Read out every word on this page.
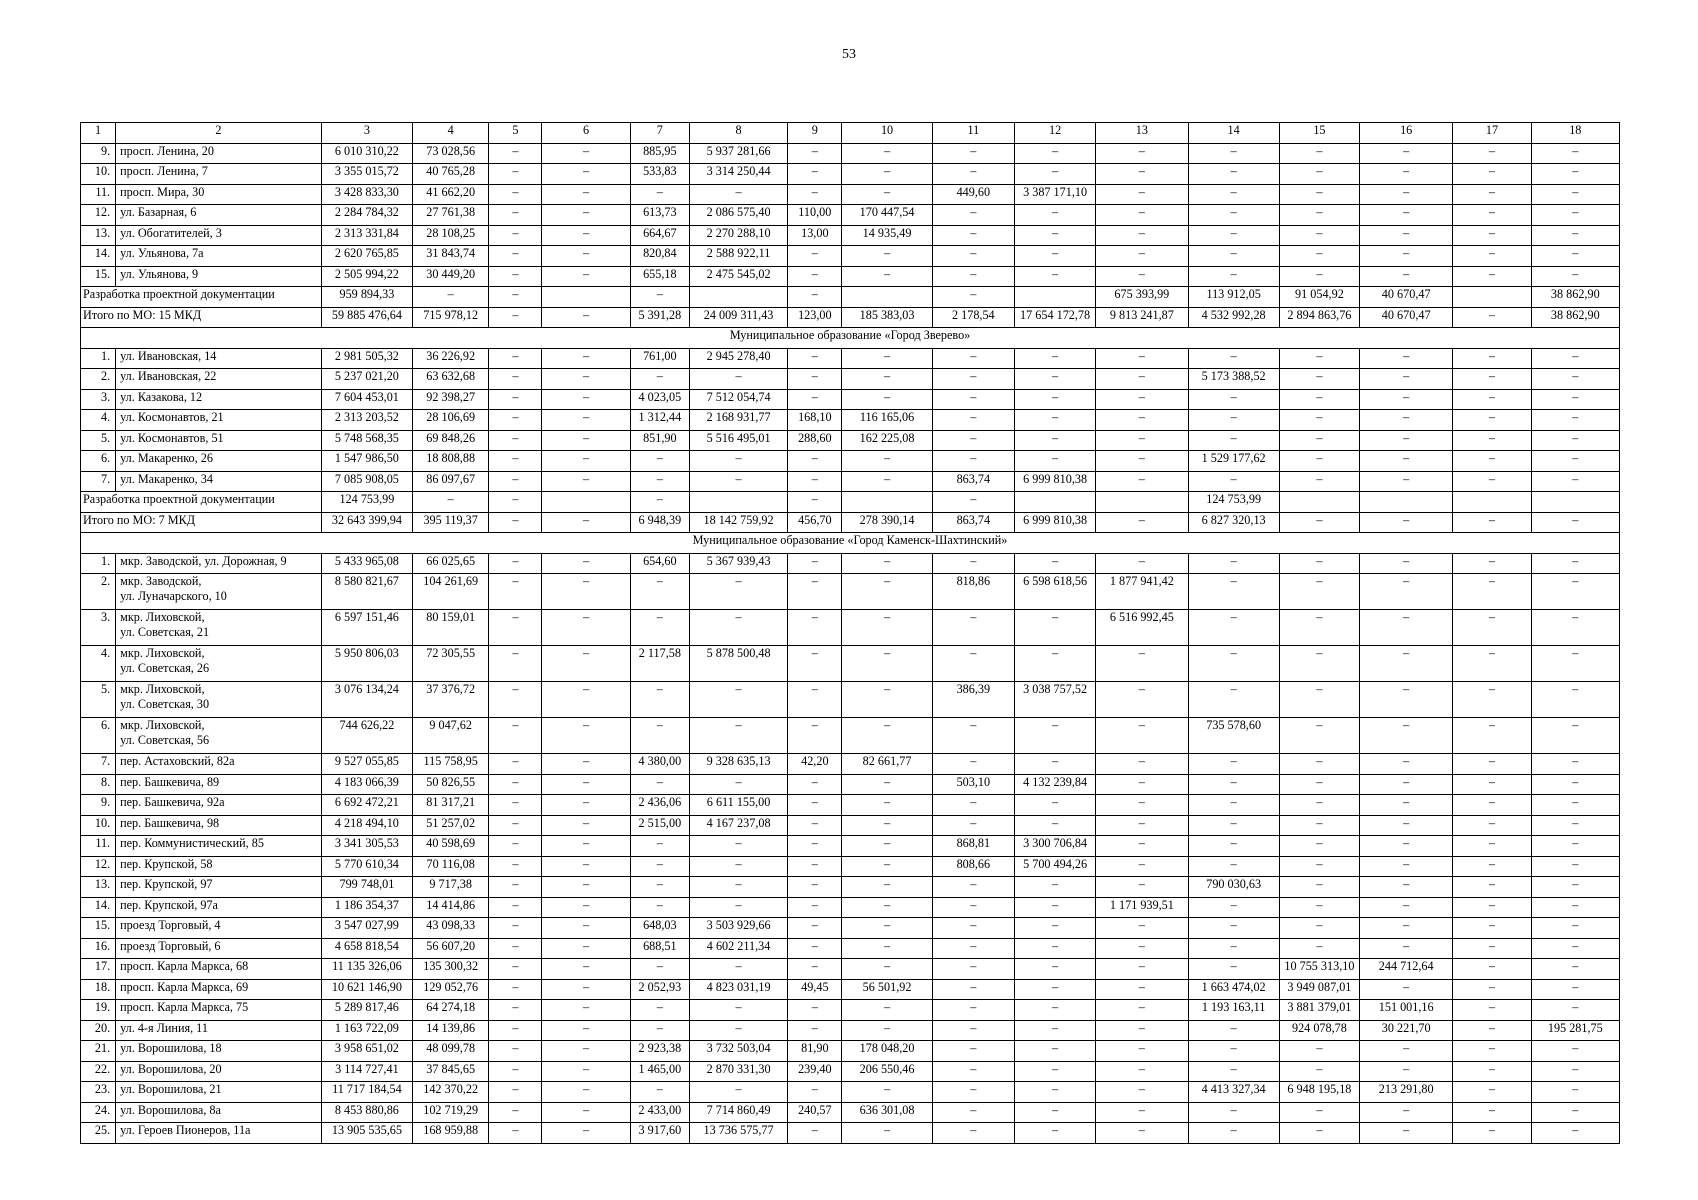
53
1	2	3	4	5	6	7	8	9	10	11	12	13	14	15	16	17	18
9.	просп. Ленина, 20	6 010 310,22	73 028,56	–	–	885,95	5 937 281,66	–	–	–	–	–	–	–	–	–	–
10.	просп. Ленина, 7	3 355 015,72	40 765,28	–	–	533,83	3 314 250,44	–	–	–	–	–	–	–	–	–	–
11.	просп. Мира, 30	3 428 833,30	41 662,20	–	–	–	–	–	–	449,60	3 387 171,10	–	–	–	–	–	–
12.	ул. Базарная, 6	2 284 784,32	27 761,38	–	–	613,73	2 086 575,40	110,00	170 447,54	–	–	–	–	–	–	–	–
13.	ул. Обогатителей, 3	2 313 331,84	28 108,25	–	–	664,67	2 270 288,10	13,00	14 935,49	–	–	–	–	–	–	–	–
14.	ул. Ульянова, 7а	2 620 765,85	31 843,74	–	–	820,84	2 588 922,11	–	–	–	–	–	–	–	–	–	–
15.	ул. Ульянова, 9	2 505 994,22	30 449,20	–	–	655,18	2 475 545,02	–	–	–	–	–	–	–	–	–	–
Разработка проектной документации		959 894,33	–	–		–		–		–		675 393,99	113 912,05	91 054,92	40 670,47		38 862,90
Итого по МО: 15 МКД		59 885 476,64	715 978,12	–	–	5 391,28	24 009 311,43	123,00	185 383,03	2 178,54	17 654 172,78	9 813 241,87	4 532 992,28	2 894 863,76	40 670,47	–	38 862,90
Муниципальное образование «Город Зверево»																	
1.	ул. Ивановская, 14	2 981 505,32	36 226,92	–	–	761,00	2 945 278,40	–	–	–	–	–	–	–	–	–	–
2.	ул. Ивановская, 22	5 237 021,20	63 632,68	–	–	–	–	–	–	–	–	–	5 173 388,52	–	–	–	–
3.	ул. Казакова, 12	7 604 453,01	92 398,27	–	–	4 023,05	7 512 054,74	–	–	–	–	–	–	–	–	–	–
4.	ул. Космонавтов, 21	2 313 203,52	28 106,69	–	–	1 312,44	2 168 931,77	168,10	116 165,06	–	–	–	–	–	–	–	–
5.	ул. Космонавтов, 51	5 748 568,35	69 848,26	–	–	851,90	5 516 495,01	288,60	162 225,08	–	–	–	–	–	–	–	–
6.	ул. Макаренко, 26	1 547 986,50	18 808,88	–	–	–	–	–	–	–	–	–	1 529 177,62	–	–	–	–
7.	ул. Макаренко, 34	7 085 908,05	86 097,67	–	–	–	–	–	–	863,74	6 999 810,38	–	–	–	–	–	–
Разработка проектной документации		124 753,99	–	–		–		–		–			124 753,99				
Итого по МО: 7 МКД		32 643 399,94	395 119,37	–	–	6 948,39	18 142 759,92	456,70	278 390,14	863,74	6 999 810,38	–	6 827 320,13	–	–	–	–
Муниципальное образование «Город Каменск-Шахтинский»																	
1.	мкр. Заводской, ул. Дорожная, 9	5 433 965,08	66 025,65	–	–	654,60	5 367 939,43	–	–	–	–	–	–	–	–	–	–
2.	мкр. Заводской,
ул. Луначарского, 10	8 580 821,67	104 261,69	–	–	–	–	–	–	818,86	6 598 618,56	1 877 941,42	–	–	–	–	–
3.	мкр. Лиховской,
ул. Советская, 21	6 597 151,46	80 159,01	–	–	–	–	–	–	–	–	6 516 992,45	–	–	–	–	–
4.	мкр. Лиховской,
ул. Советская, 26	5 950 806,03	72 305,55	–	–	2 117,58	5 878 500,48	–	–	–	–	–	–	–	–	–	–
5.	мкр. Лиховской,
ул. Советская, 30	3 076 134,24	37 376,72	–	–	–	–	–	–	386,39	3 038 757,52	–	–	–	–	–	–
6.	мкр. Лиховской,
ул. Советская, 56	744 626,22	9 047,62	–	–	–	–	–	–	–	–	–	735 578,60	–	–	–	–
7.	пер. Астаховский, 82а	9 527 055,85	115 758,95	–	–	4 380,00	9 328 635,13	42,20	82 661,77	–	–	–	–	–	–	–	–
8.	пер. Башкевича, 89	4 183 066,39	50 826,55	–	–	–	–	–	–	503,10	4 132 239,84	–	–	–	–	–	–
9.	пер. Башкевича, 92а	6 692 472,21	81 317,21	–	–	2 436,06	6 611 155,00	–	–	–	–	–	–	–	–	–	–
10.	пер. Башкевича, 98	4 218 494,10	51 257,02	–	–	2 515,00	4 167 237,08	–	–	–	–	–	–	–	–	–	–
11.	пер. Коммунистический, 85	3 341 305,53	40 598,69	–	–	–	–	–	–	868,81	3 300 706,84	–	–	–	–	–	–
12.	пер. Крупской, 58	5 770 610,34	70 116,08	–	–	–	–	–	–	808,66	5 700 494,26	–	–	–	–	–	–
13.	пер. Крупской, 97	799 748,01	9 717,38	–	–	–	–	–	–	–	–	–	790 030,63	–	–	–	–
14.	пер. Крупской, 97а	1 186 354,37	14 414,86	–	–	–	–	–	–	–	–	1 171 939,51	–	–	–	–	–
15.	проезд Торговый, 4	3 547 027,99	43 098,33	–	–	648,03	3 503 929,66	–	–	–	–	–	–	–	–	–	–
16.	проезд Торговый, 6	4 658 818,54	56 607,20	–	–	688,51	4 602 211,34	–	–	–	–	–	–	–	–	–	–
17.	просп. Карла Маркса, 68	11 135 326,06	135 300,32	–	–	–	–	–	–	–	–	–	–	10 755 313,10	244 712,64	–	–
18.	просп. Карла Маркса, 69	10 621 146,90	129 052,76	–	–	2 052,93	4 823 031,19	49,45	56 501,92	–	–	–	1 663 474,02	3 949 087,01	–	–	–
19.	просп. Карла Маркса, 75	5 289 817,46	64 274,18	–	–	–	–	–	–	–	–	–	1 193 163,11	3 881 379,01	151 001,16	–	–
20.	ул. 4-я Линия, 11	1 163 722,09	14 139,86	–	–	–	–	–	–	–	–	–	–	924 078,78	30 221,70	–	195 281,75
21.	ул. Ворошилова, 18	3 958 651,02	48 099,78	–	–	2 923,38	3 732 503,04	81,90	178 048,20	–	–	–	–	–	–	–	–
22.	ул. Ворошилова, 20	3 114 727,41	37 845,65	–	–	1 465,00	2 870 331,30	239,40	206 550,46	–	–	–	–	–	–	–	–
23.	ул. Ворошилова, 21	11 717 184,54	142 370,22	–	–	–	–	–	–	–	–	–	4 413 327,34	6 948 195,18	213 291,80	–	–
24.	ул. Ворошилова, 8а	8 453 880,86	102 719,29	–	–	2 433,00	7 714 860,49	240,57	636 301,08	–	–	–	–	–	–	–	–
25.	ул. Героев Пионеров, 11а	13 905 535,65	168 959,88	–	–	3 917,60	13 736 575,77	–	–	–	–	–	–	–	–	–	–
